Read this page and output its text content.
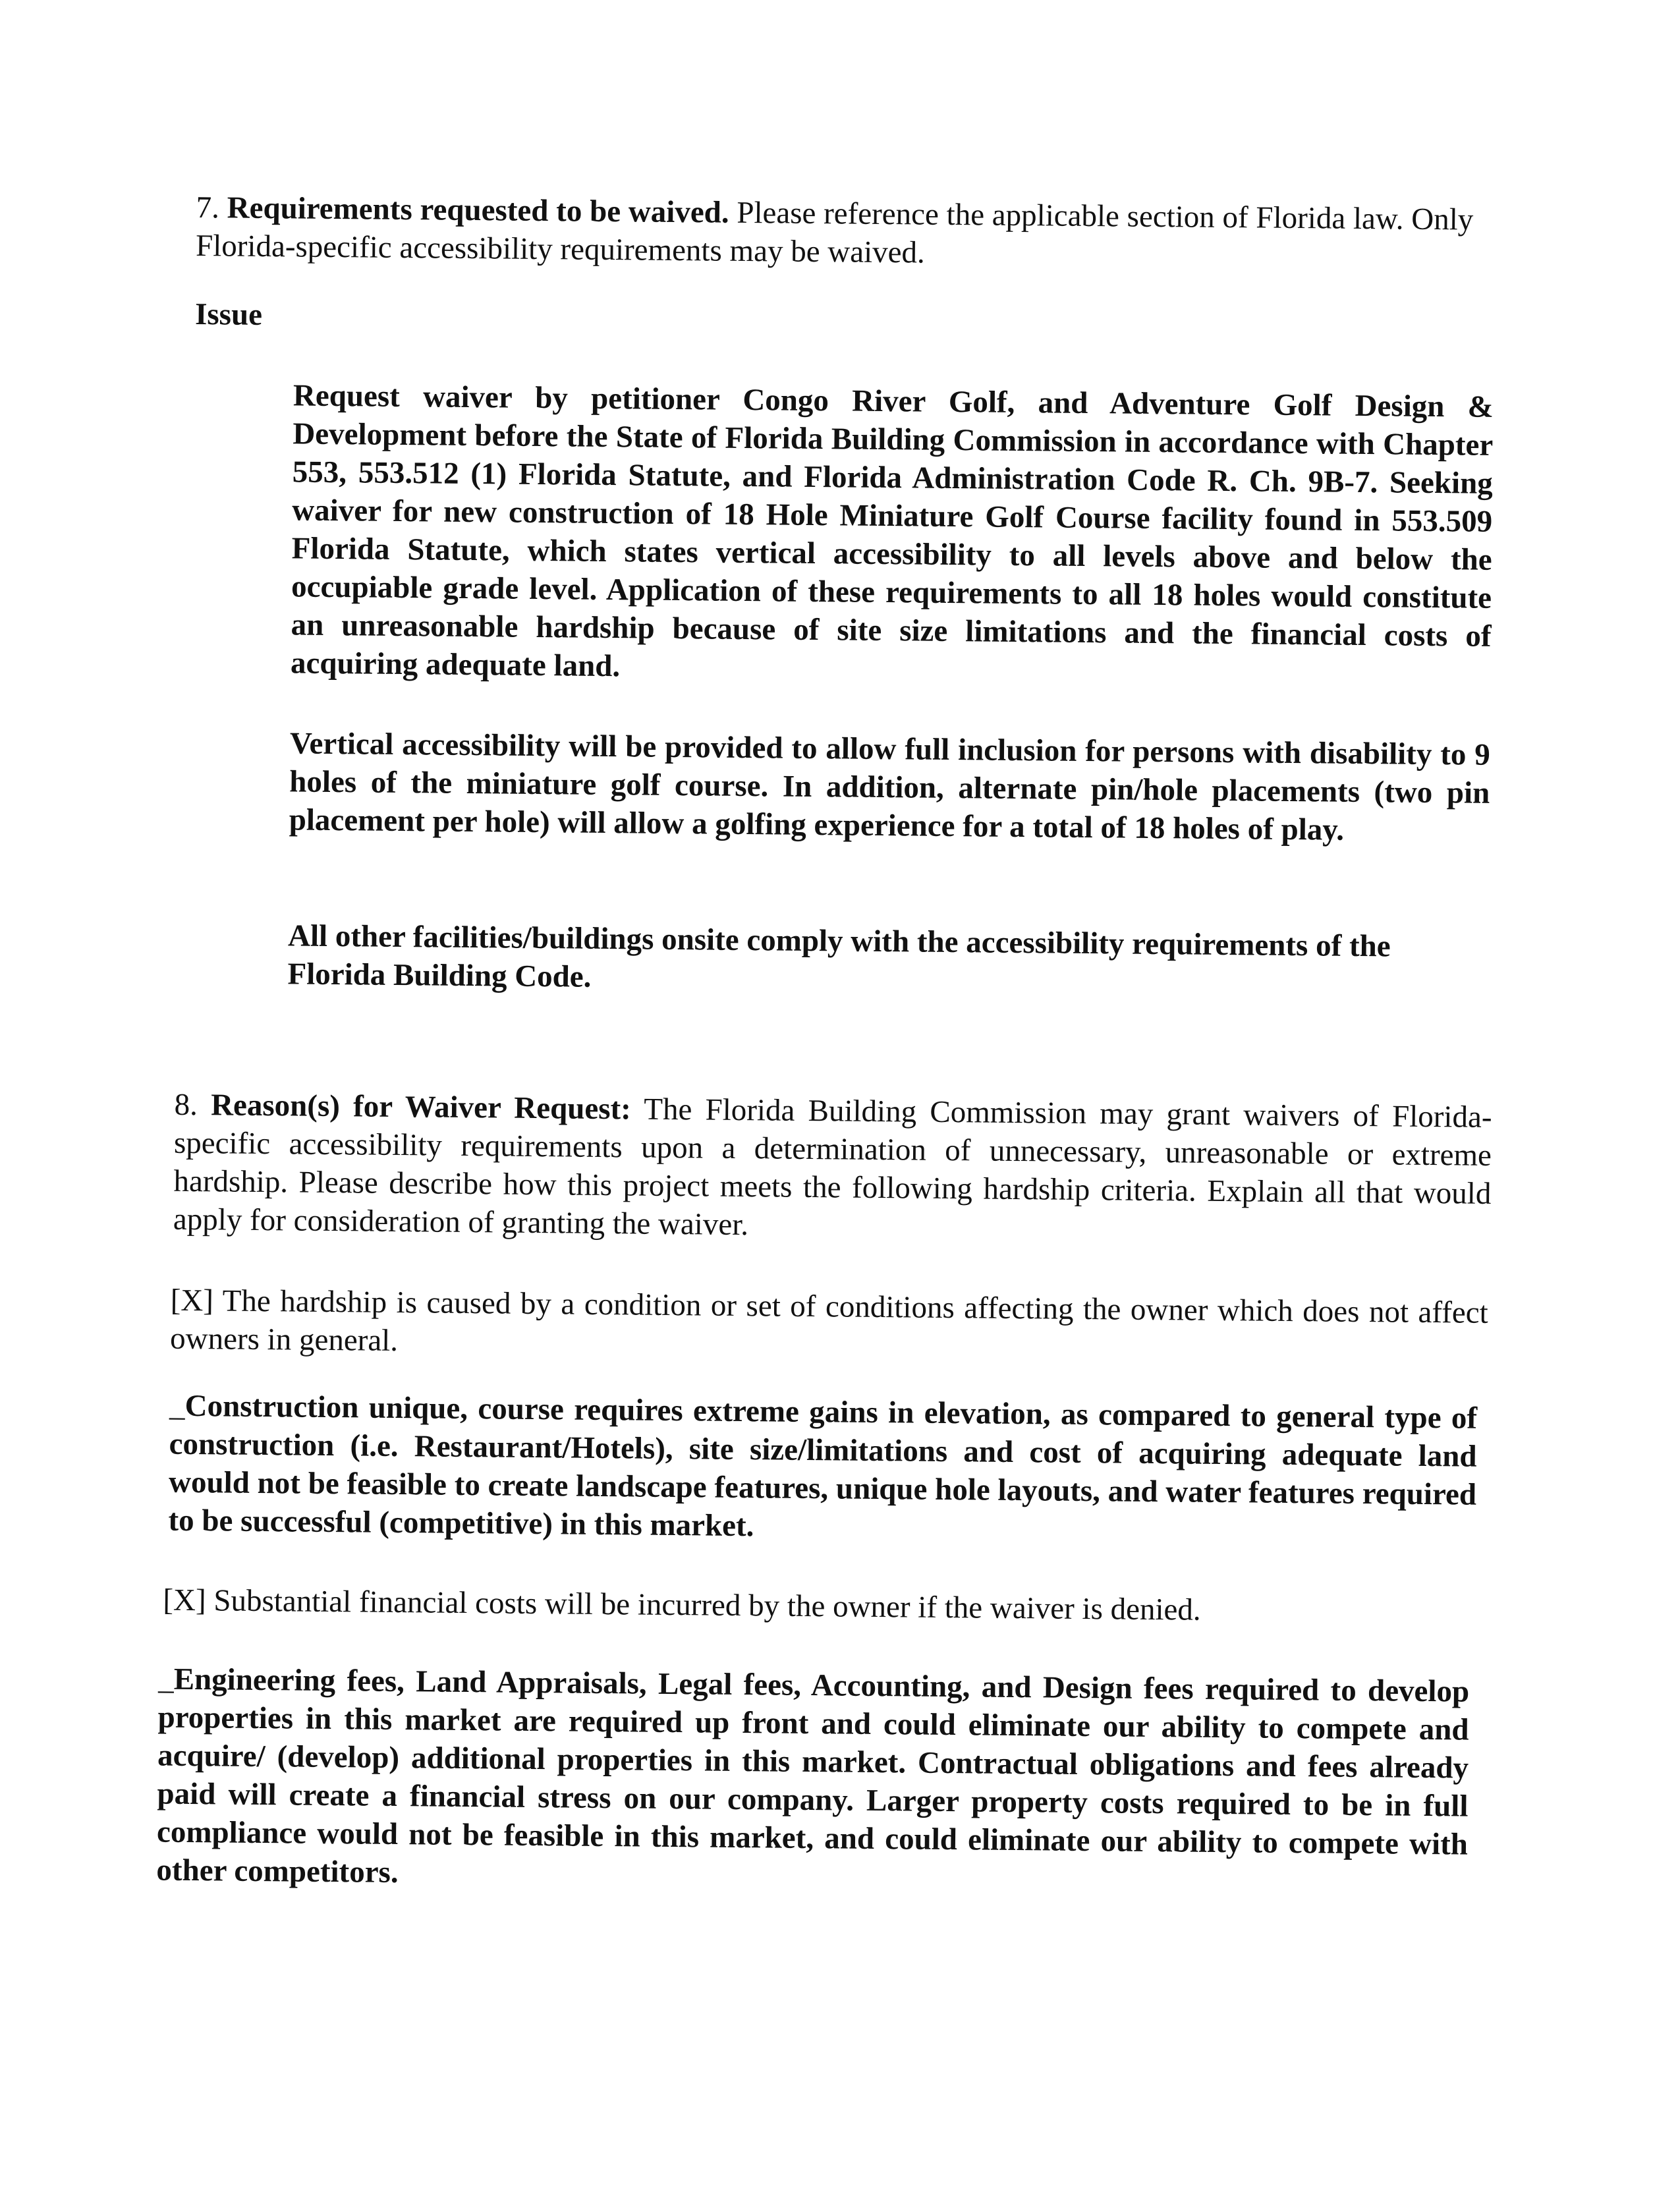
7. Requirements requested to be waived. Please reference the applicable section of Florida law. Only Florida-specific accessibility requirements may be waived.
Issue
Request waiver by petitioner Congo River Golf, and Adventure Golf Design & Development before the State of Florida Building Commission in accordance with Chapter 553, 553.512 (1) Florida Statute, and Florida Administration Code R. Ch. 9B-7. Seeking waiver for new construction of 18 Hole Miniature Golf Course facility found in 553.509 Florida Statute, which states vertical accessibility to all levels above and below the occupiable grade level. Application of these requirements to all 18 holes would constitute an unreasonable hardship because of site size limitations and the financial costs of acquiring adequate land.
Vertical accessibility will be provided to allow full inclusion for persons with disability to 9 holes of the miniature golf course. In addition, alternate pin/hole placements (two pin placement per hole) will allow a golfing experience for a total of 18 holes of play.
All other facilities/buildings onsite comply with the accessibility requirements of the Florida Building Code.
8. Reason(s) for Waiver Request: The Florida Building Commission may grant waivers of Florida-specific accessibility requirements upon a determination of unnecessary, unreasonable or extreme hardship. Please describe how this project meets the following hardship criteria. Explain all that would apply for consideration of granting the waiver.
[X] The hardship is caused by a condition or set of conditions affecting the owner which does not affect owners in general.
_Construction unique, course requires extreme gains in elevation, as compared to general type of construction (i.e. Restaurant/Hotels), site size/limitations and cost of acquiring adequate land would not be feasible to create landscape features, unique hole layouts, and water features required to be successful (competitive) in this market.
[X] Substantial financial costs will be incurred by the owner if the waiver is denied.
_Engineering fees, Land Appraisals, Legal fees, Accounting, and Design fees required to develop properties in this market are required up front and could eliminate our ability to compete and acquire/ (develop) additional properties in this market. Contractual obligations and fees already paid will create a financial stress on our company. Larger property costs required to be in full compliance would not be feasible in this market, and could eliminate our ability to compete with other competitors.
